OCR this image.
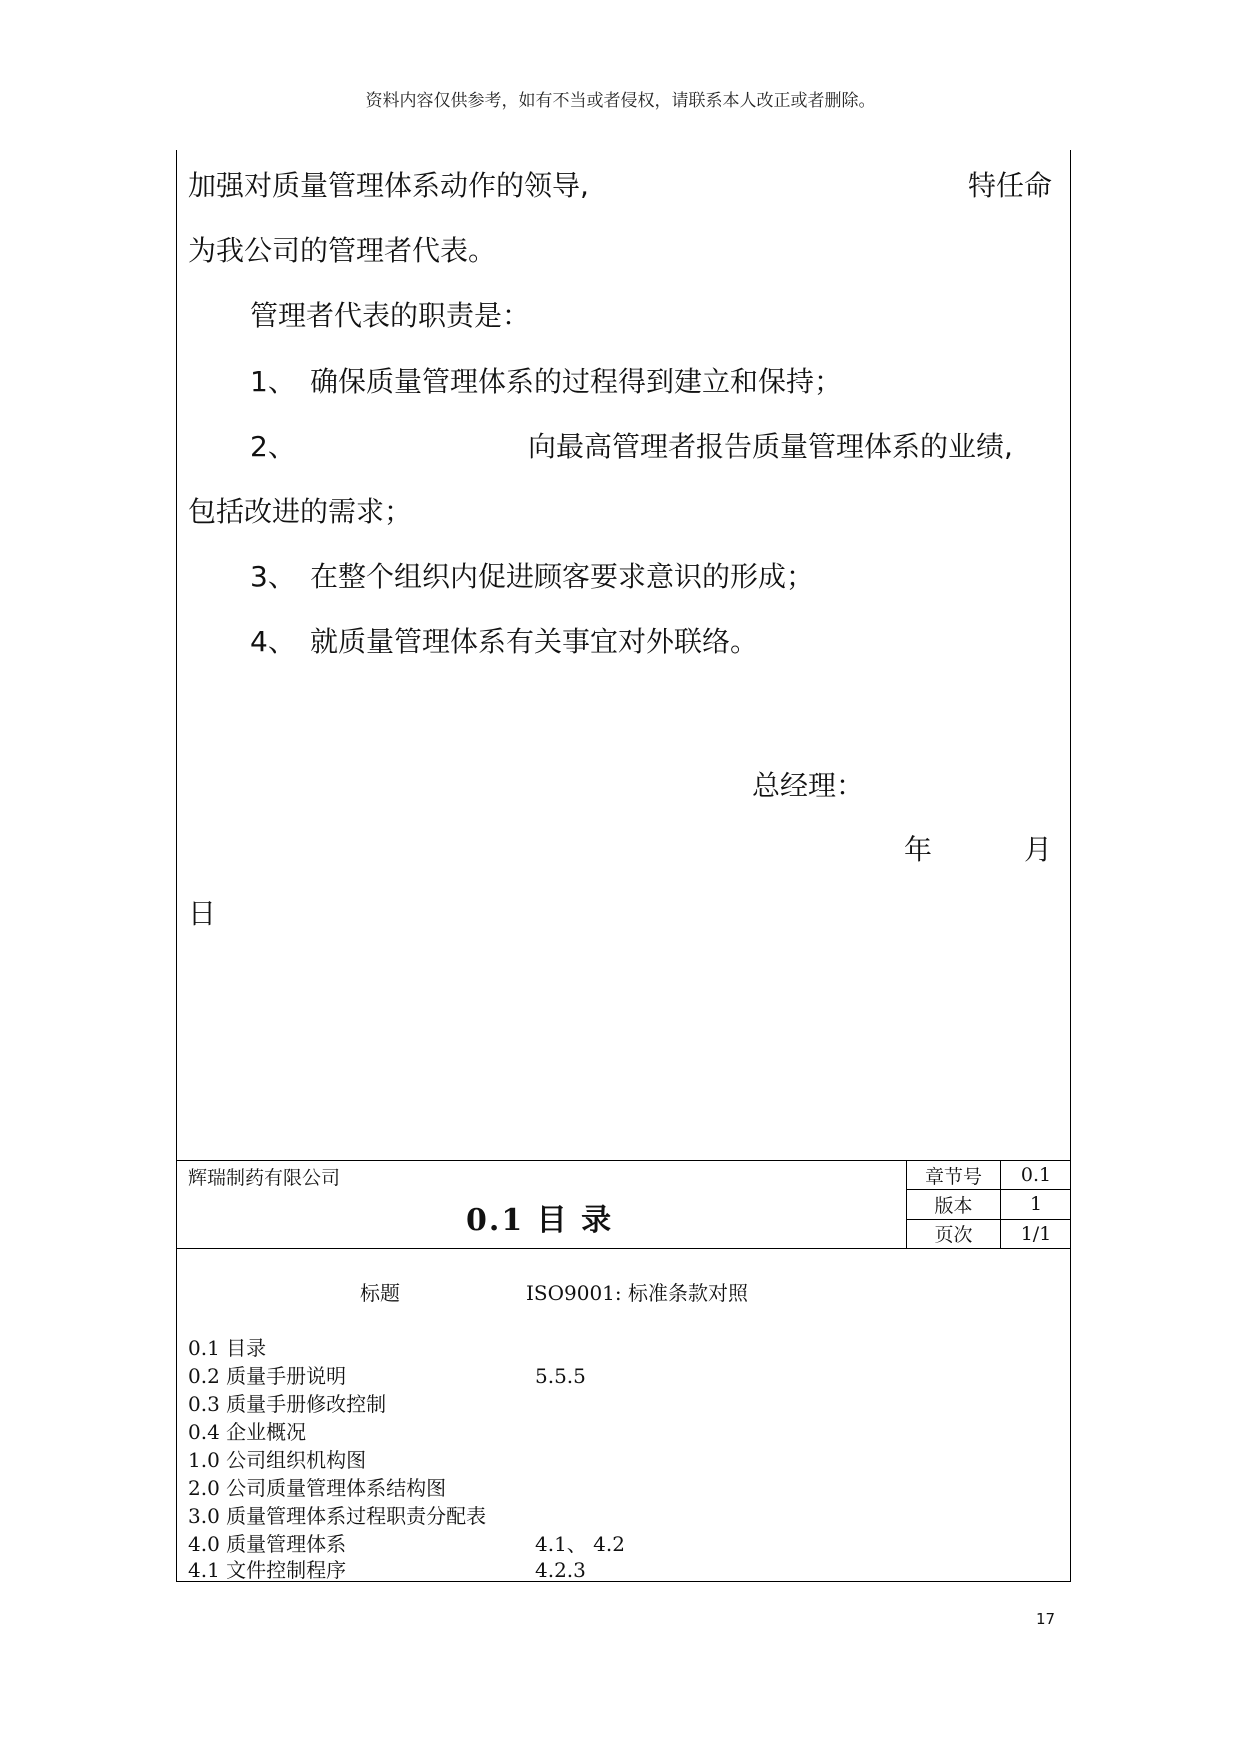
资料内容仅供参考，如有不当或者侵权，请联系本人改正或者删除。
加强对质量管理体系动作的领导,	特任命
为我公司的管理者代表。
管理者代表的职责是：
1、 确保质量管理体系的过程得到建立和保持；
2、	向最高管理者报告质量管理体系的业绩,
包括改进的需求；
3、 在整个组织内促进顾客要求意识的形成；
4、 就质量管理体系有关事宜对外联络。
总经理：
年	月
日
辉瑞制药有限公司
0.1 目 录
章节号	0.1
版本	1
页次	1/1
标题	ISO9001: 标准条款对照
0.1 目录
0.2 质量手册说明	5.5.5
0.3 质量手册修改控制
0.4 企业概况
1.0 公司组织机构图
2.0 公司质量管理体系结构图
3.0 质量管理体系过程职责分配表
4.0 质量管理体系	4.1、 4.2
4.1 文件控制程序	4.2.3
17
